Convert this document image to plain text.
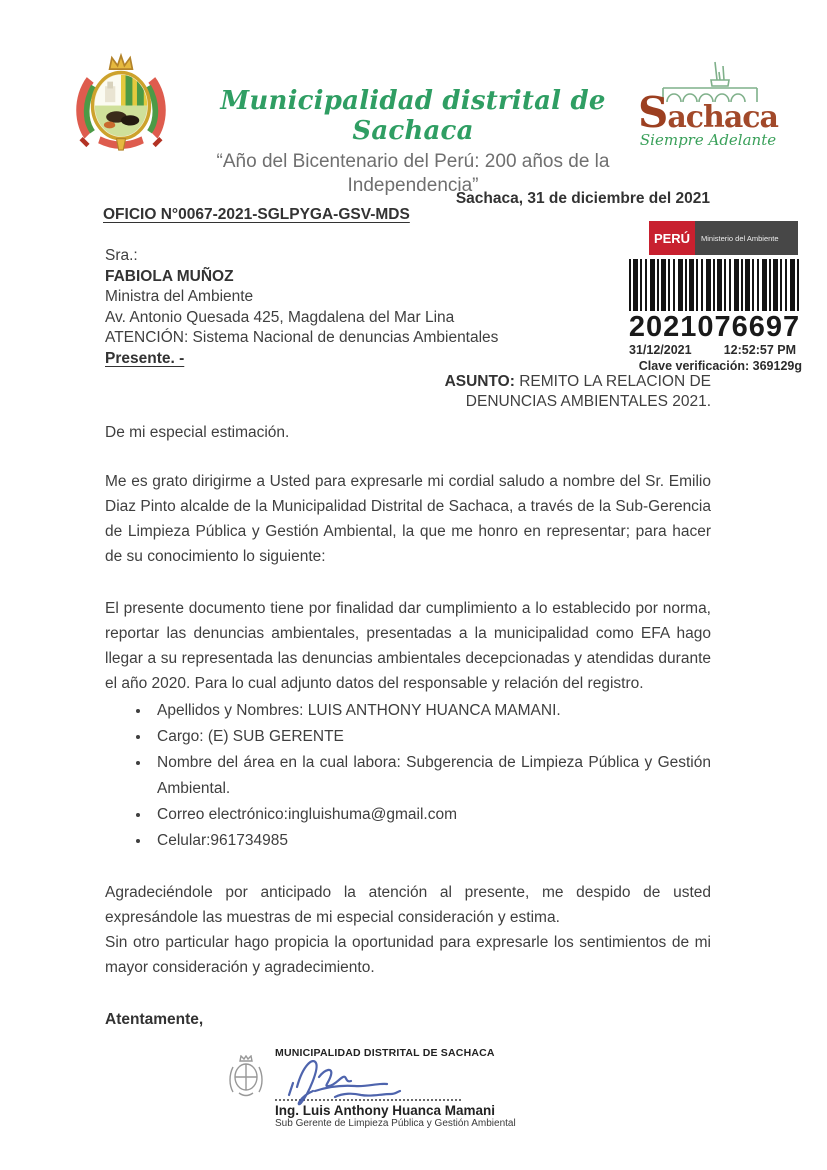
Municipalidad distrital de Sachaca
“Año del Bicentenario del Perú: 200 años de la Independencia”
Sachaca
Siempre Adelante
Sachaca, 31 de diciembre del 2021
OFICIO N°0067-2021-SGLPYGA-GSV-MDS
PERÚ	Ministerio del Ambiente
2021076697
31/12/2021	12:52:57 PM
Clave verificación: 369129g
Sra.:
FABIOLA MUÑOZ
Ministra del Ambiente
Av. Antonio Quesada 425, Magdalena del Mar Lina
ATENCIÓN: Sistema Nacional de denuncias Ambientales
Presente. -
ASUNTO: REMITO LA RELACION DE DENUNCIAS AMBIENTALES 2021.
De mi especial estimación.
Me es grato dirigirme a Usted para expresarle mi cordial saludo a nombre del Sr. Emilio Diaz Pinto alcalde de la Municipalidad Distrital de Sachaca, a través de la Sub-Gerencia de Limpieza Pública y Gestión Ambiental, la que me honro en representar; para hacer de su conocimiento lo siguiente:
El presente documento tiene por finalidad dar cumplimiento a lo establecido por norma, reportar las denuncias ambientales, presentadas a la municipalidad como EFA hago llegar a su representada las denuncias ambientales decepcionadas y atendidas durante el año 2020. Para lo cual adjunto datos del responsable y relación del registro.
• Apellidos y Nombres: LUIS ANTHONY HUANCA MAMANI.
• Cargo: (E) SUB GERENTE
• Nombre del área en la cual labora: Subgerencia de Limpieza Pública y Gestión Ambiental.
• Correo electrónico:ingluishuma@gmail.com
• Celular:961734985
Agradeciéndole por anticipado la atención al presente, me despido de usted expresándole las muestras de mi especial consideración y estima.
Sin otro particular hago propicia la oportunidad para expresarle los sentimientos de mi mayor consideración y agradecimiento.
Atentamente,
MUNICIPALIDAD DISTRITAL DE SACHACA
Ing. Luis Anthony Huanca Mamani
Sub Gerente de Limpieza Pública y Gestión Ambiental
